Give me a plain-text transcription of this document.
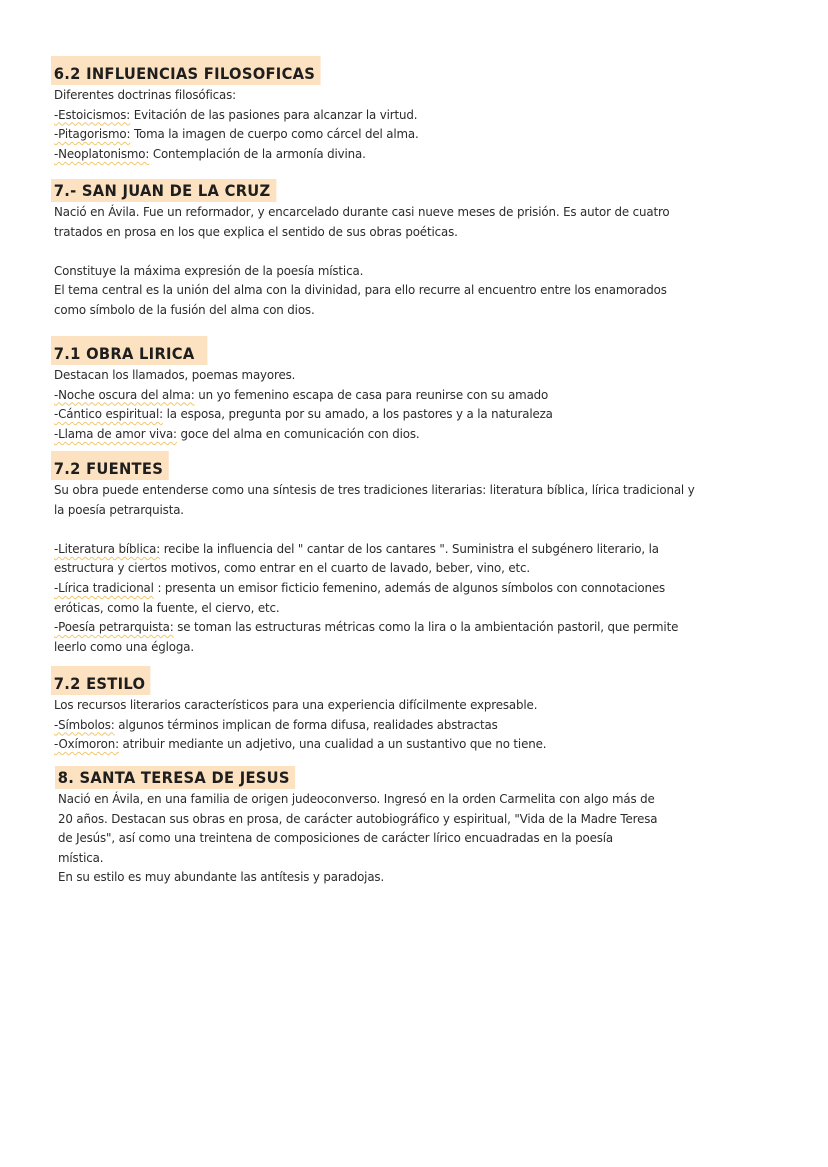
6.2 INFLUENCIAS FILOSOFICAS
Diferentes doctrinas filosóficas:
-Estoicismos: Evitación de las pasiones para alcanzar la virtud.
-Pitagorismo: Toma la imagen de cuerpo como cárcel del alma.
-Neoplatonismo: Contemplación de la armonía divina.
7.- SAN JUAN DE LA CRUZ
Nació en Ávila. Fue un reformador, y encarcelado durante casi nueve meses de prisión. Es autor de cuatro
tratados en prosa en los que explica el sentido de sus obras poéticas.
Constituye la máxima expresión de la poesía mística.
El tema central es la unión del alma con la divinidad, para ello recurre al encuentro entre los enamorados
como símbolo de la fusión del alma con dios.
7.1 OBRA LIRICA
Destacan los llamados, poemas mayores.
-Noche oscura del alma: un yo femenino escapa de casa para reunirse con su amado
-Cántico espiritual: la esposa, pregunta por su amado, a los pastores y a la naturaleza
-Llama de amor viva: goce del alma en comunicación con dios.
7.2 FUENTES
Su obra puede entenderse como una síntesis de tres tradiciones literarias: literatura bíblica, lírica tradicional y
la poesía petrarquista.
-Literatura bíblica: recibe la influencia del " cantar de los cantares ". Suministra el subgénero literario, la
estructura y ciertos motivos, como entrar en el cuarto de lavado, beber, vino, etc.
-Lírica tradicional : presenta un emisor ficticio femenino, además de algunos símbolos con connotaciones
eróticas, como la fuente, el ciervo, etc.
-Poesía petrarquista: se toman las estructuras métricas como la lira o la ambientación pastoril, que permite
leerlo como una égloga.
7.2 ESTILO
Los recursos literarios característicos para una experiencia difícilmente expresable.
-Símbolos: algunos términos implican de forma difusa, realidades abstractas
-Oxímoron: atribuir mediante un adjetivo, una cualidad a un sustantivo que no tiene.
8. SANTA TERESA DE JESUS
Nació en Ávila, en una familia de origen judeoconverso. Ingresó en la orden Carmelita con algo más de
20 años. Destacan sus obras en prosa, de carácter autobiográfico y espiritual, "Vida de la Madre Teresa
de Jesús", así como una treintena de composiciones de carácter lírico encuadradas en la poesía
mística.
En su estilo es muy abundante las antítesis y paradojas.
